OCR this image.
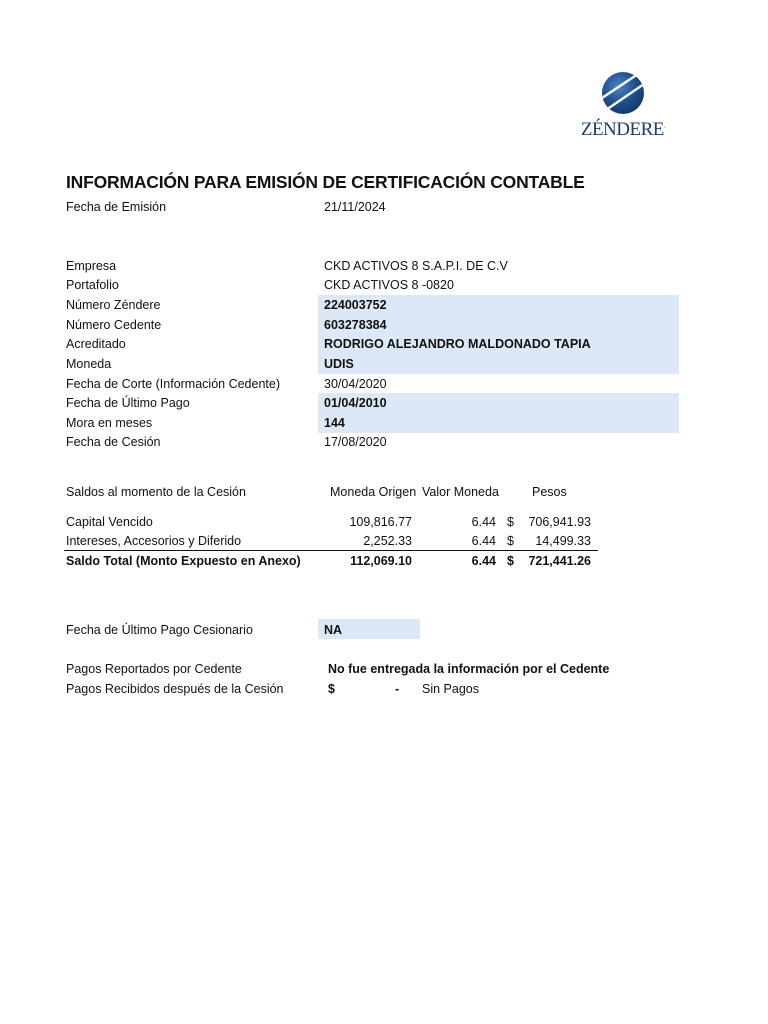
ZÉNDERE.
INFORMACIÓN PARA EMISIÓN DE CERTIFICACIÓN CONTABLE
Fecha de Emisión	21/11/2024
Empresa	CKD ACTIVOS 8 S.A.P.I. DE C.V
Portafolio	CKD ACTIVOS 8 -0820
Número Zéndere	224003752
Número Cedente	603278384
Acreditado	RODRIGO ALEJANDRO MALDONADO TAPIA
Moneda	UDIS
Fecha de Corte (Información Cedente)	30/04/2020
Fecha de Último Pago	01/04/2010
Mora en meses	144
Fecha de Cesión	17/08/2020
Saldos al momento de la Cesión	Moneda Origen Valor Moneda	Pesos
Capital Vencido	109,816.77	6.44 $	706,941.93
Intereses, Accesorios y Diferido	2,252.33	6.44 $	14,499.33
Saldo Total (Monto Expuesto en Anexo)	112,069.10	6.44 $	721,441.26
Fecha de Último Pago Cesionario	NA
Pagos Reportados por Cedente	No fue entregada la información por el Cedente
Pagos Recibidos después de la Cesión	$	- Sin Pagos
